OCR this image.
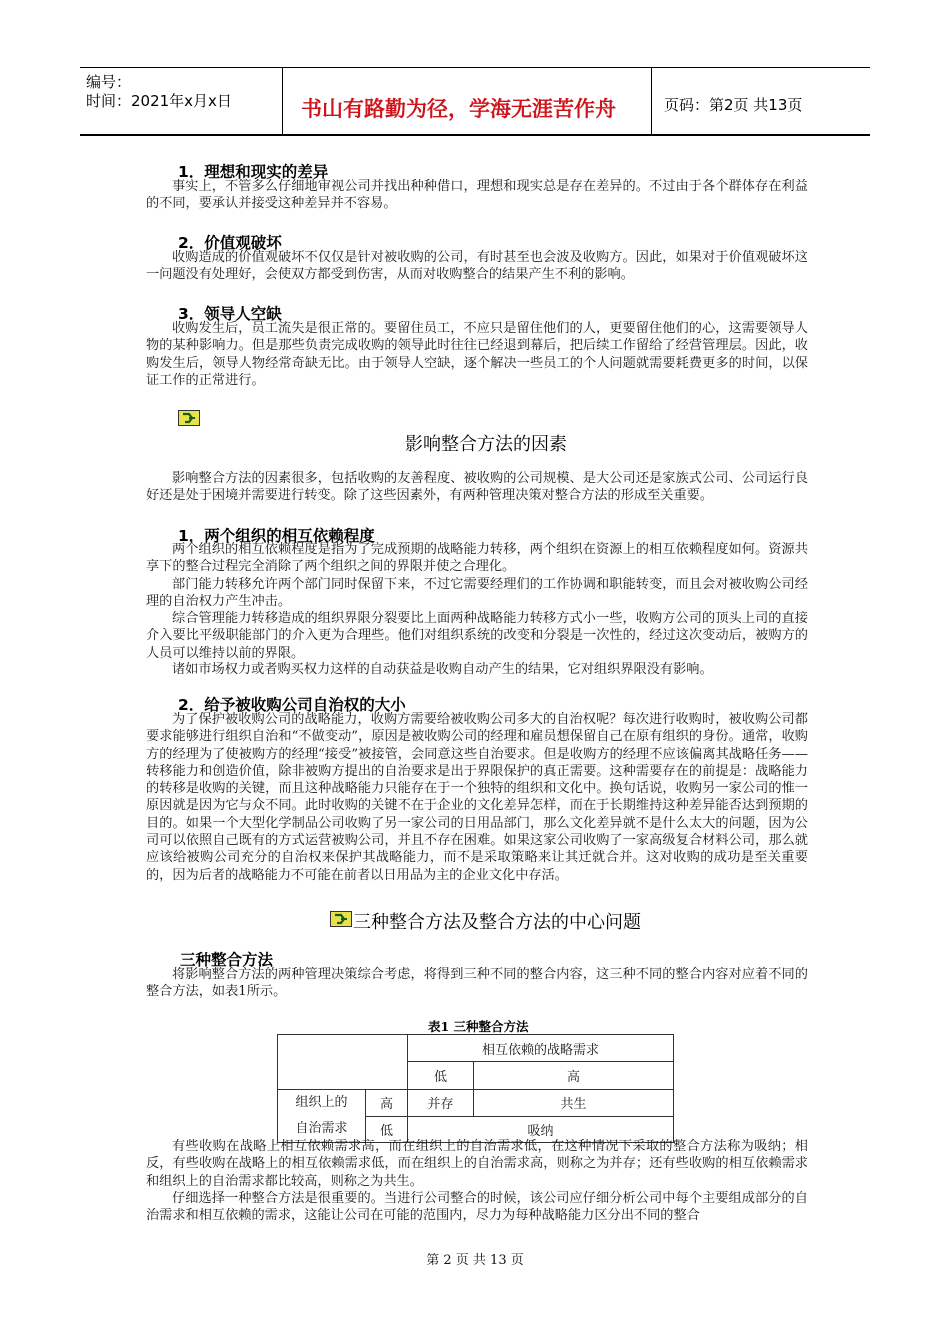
编号：
时间：2021年x月x日	书山有路勤为径，学海无涯苦作舟	页码：第2页 共13页
1．理想和现实的差异
事实上，不管多么仔细地审视公司并找出种种借口，理想和现实总是存在差异的。不过由于各个群体存在利益的不同，要承认并接受这种差异并不容易。
2．价值观破坏
收购造成的价值观破坏不仅仅是针对被收购的公司，有时甚至也会波及收购方。因此，如果对于价值观破坏这一问题没有处理好，会使双方都受到伤害，从而对收购整合的结果产生不利的影响。
3．领导人空缺
收购发生后，员工流失是很正常的。要留住员工，不应只是留住他们的人，更要留住他们的心，这需要领导人物的某种影响力。但是那些负责完成收购的领导此时往往已经退到幕后，把后续工作留给了经营管理层。因此，收购发生后，领导人物经常奇缺无比。由于领导人空缺，逐个解决一些员工的个人问题就需要耗费更多的时间，以保证工作的正常进行。
影响整合方法的因素
影响整合方法的因素很多，包括收购的友善程度、被收购的公司规模、是大公司还是家族式公司、公司运行良好还是处于困境并需要进行转变。除了这些因素外，有两种管理决策对整合方法的形成至关重要。
1．两个组织的相互依赖程度
两个组织的相互依赖程度是指为了完成预期的战略能力转移，两个组织在资源上的相互依赖程度如何。资源共享下的整合过程完全消除了两个组织之间的界限并使之合理化。
部门能力转移允许两个部门同时保留下来，不过它需要经理们的工作协调和职能转变，而且会对被收购公司经理的自治权力产生冲击。
综合管理能力转移造成的组织界限分裂要比上面两种战略能力转移方式小一些，收购方公司的顶头上司的直接介入要比平级职能部门的介入更为合理些。他们对组织系统的改变和分裂是一次性的，经过这次变动后，被购方的人员可以维持以前的界限。
诸如市场权力或者购买权力这样的自动获益是收购自动产生的结果，它对组织界限没有影响。
2．给予被收购公司自治权的大小
为了保护被收购公司的战略能力，收购方需要给被收购公司多大的自治权呢？每次进行收购时，被收购公司都要求能够进行组织自治和“不做变动”，原因是被收购公司的经理和雇员想保留自己在原有组织的身份。通常，收购方的经理为了使被购方的经理“接受”被接管，会同意这些自治要求。但是收购方的经理不应该偏离其战略任务——转移能力和创造价值，除非被购方提出的自治要求是出于界限保护的真正需要。这种需要存在的前提是：战略能力的转移是收购的关键，而且这种战略能力只能存在于一个独特的组织和文化中。换句话说，收购另一家公司的惟一原因就是因为它与众不同。此时收购的关键不在于企业的文化差异怎样，而在于长期维持这种差异能否达到预期的目的。如果一个大型化学制品公司收购了另一家公司的日用品部门，那么文化差异就不是什么太大的问题，因为公司可以依照自己既有的方式运营被购公司，并且不存在困难。如果这家公司收购了一家高级复合材料公司，那么就应该给被购公司充分的自治权来保护其战略能力，而不是采取策略来让其迁就合并。这对收购的成功是至关重要的，因为后者的战略能力不可能在前者以日用品为主的企业文化中存活。
三种整合方法及整合方法的中心问题
三种整合方法
将影响整合方法的两种管理决策综合考虑，将得到三种不同的整合内容，这三种不同的整合内容对应着不同的整合方法，如表1所示。
表1 三种整合方法
		相互依赖的战略需求	
		低	高

组织上的
自治需求	高	并存	共生
	低	吸纳	
有些收购在战略上相互依赖需求高，而在组织上的自治需求低，在这种情况下采取的整合方法称为吸纳；相反，有些收购在战略上的相互依赖需求低，而在组织上的自治需求高，则称之为并存；还有些收购的相互依赖需求和组织上的自治需求都比较高，则称之为共生。
仔细选择一种整合方法是很重要的。当进行公司整合的时候，该公司应仔细分析公司中每个主要组成部分的自治需求和相互依赖的需求，这能让公司在可能的范围内，尽力为每种战略能力区分出不同的整合
第 2 页 共 13 页
